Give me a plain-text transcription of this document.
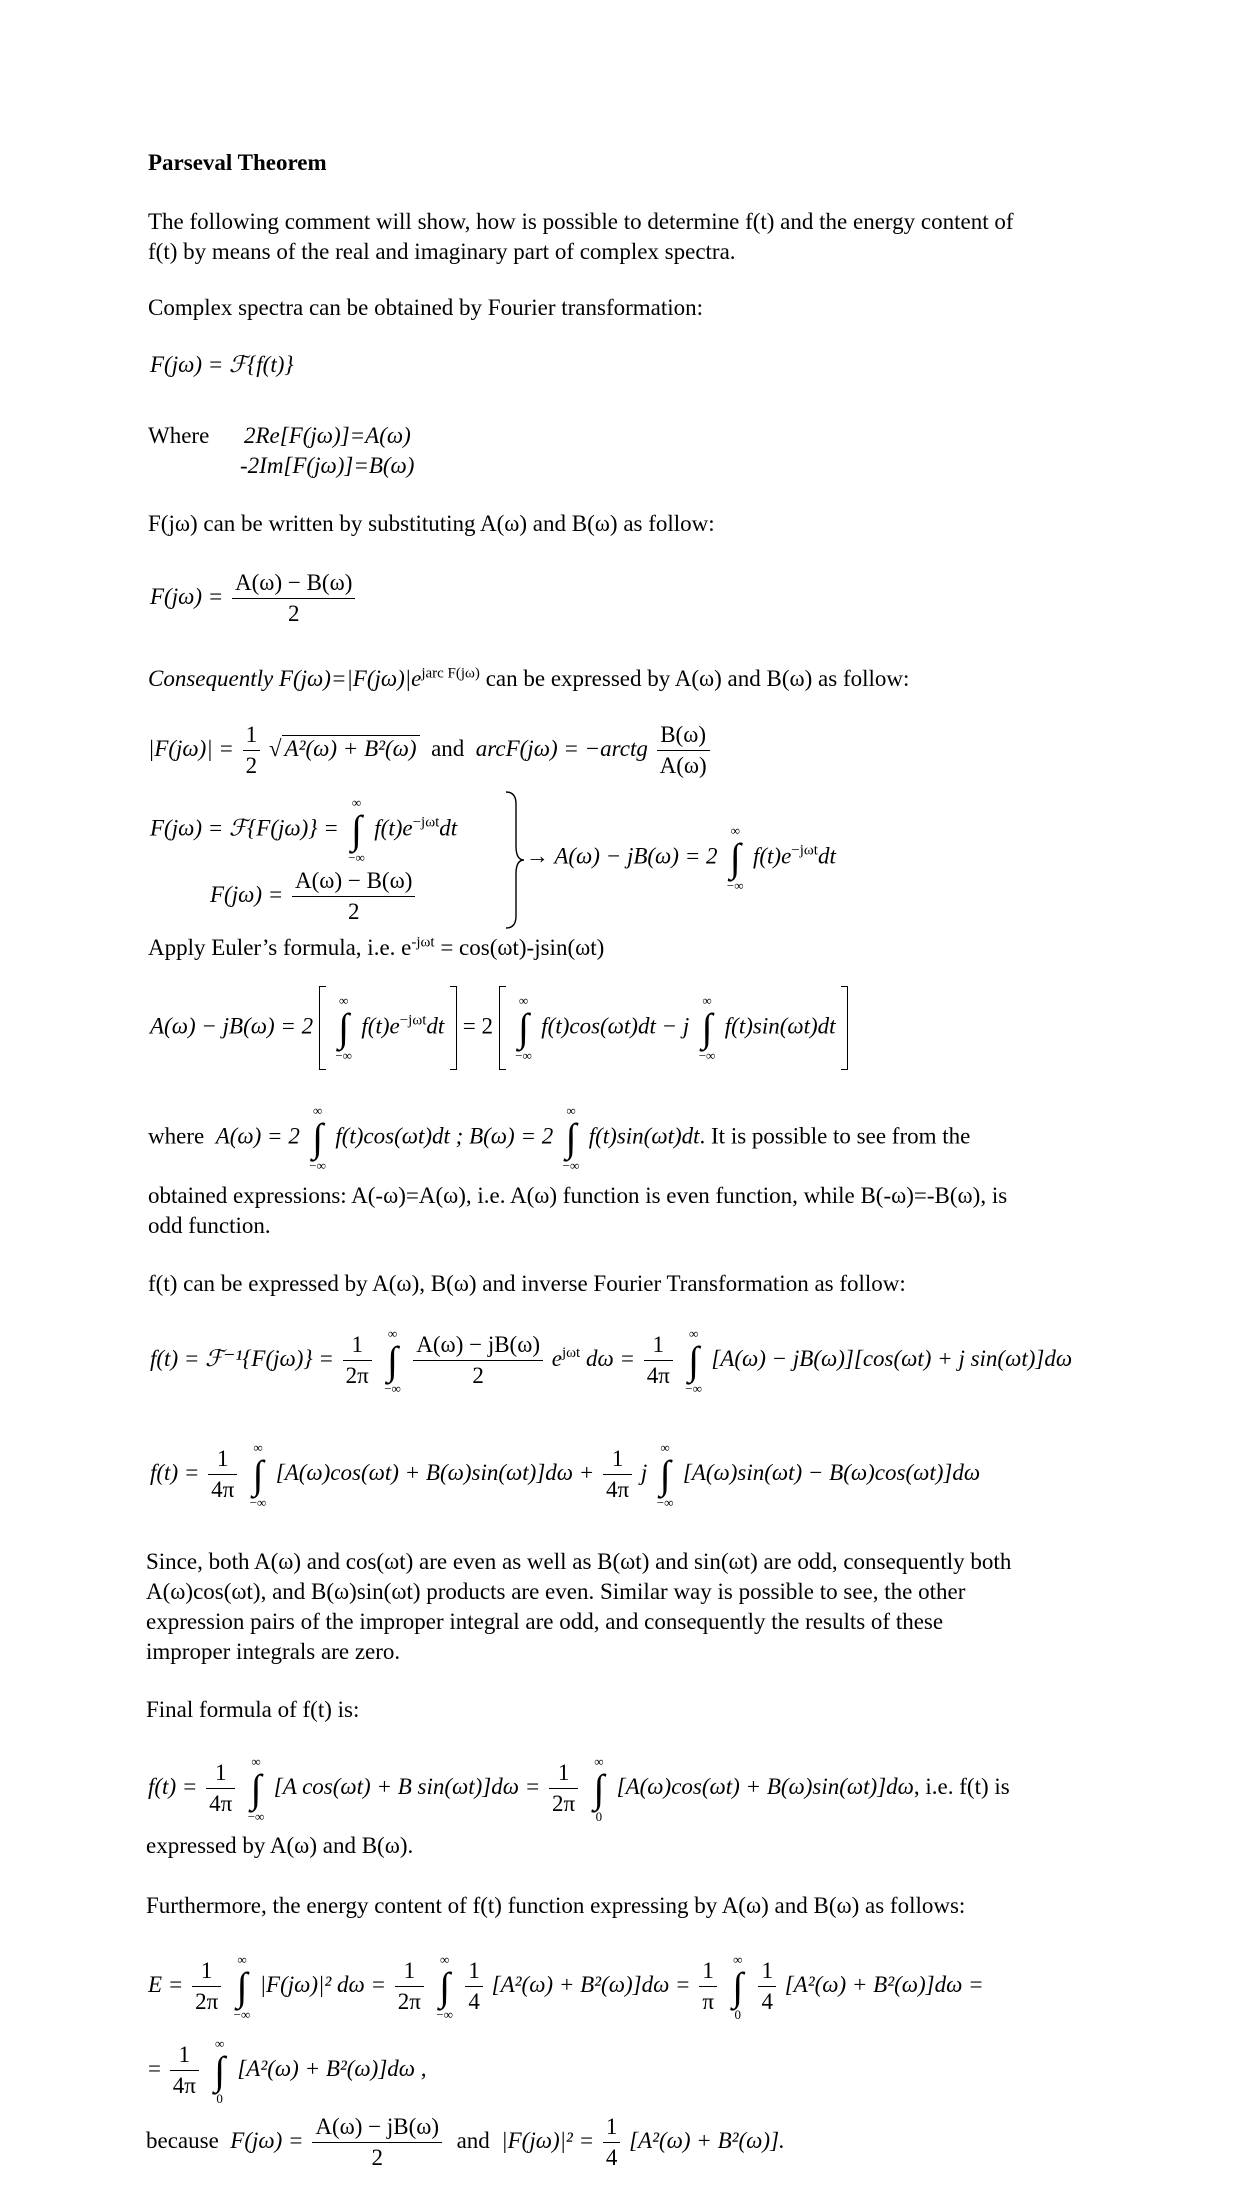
Parseval Theorem
The following comment will show, how is possible to determine f(t) and the energy content of
f(t) by means of the real and imaginary part of complex spectra.
Complex spectra can be obtained by Fourier transformation:
F(jω) = ℱ{f(t)}
Where 2Re[F(jω)]=A(ω)
-2Im[F(jω)]=B(ω)
F(jω) can be written by substituting A(ω) and B(ω) as follow:
$F(j\omega) = \frac{A(\omega) - B(\omega)}{2}$
Consequently $F(j\omega)=|F(j\omega)|e^{jarc F(j\omega)}$ can be expressed by A(ω) and B(ω) as follow:
$|F(j\omega)| = \frac{1}{2}$ √ A²(ω) + B²(ω) and arcF(jω) = −arctg $\frac{B(\omega)}{A(\omega)}$
F(jω) = ℱ{F(jω)} =
∞
∫
−∞
$f(t)e^{-j\omega t}dt$
$F(j\omega) = \frac{A(\omega) - B(\omega)}{2}$
→ A(ω) − jB(ω) = 2
∞
∫
−∞
$f(t)e^{-j\omega t}dt$
Apply Euler’s formula, i.e. $e^{-j\omega t} = \cos(\omega t)-jsin(\omega t)$
A(ω) − jB(ω) = 2
∞
∫
−∞
$f(t)e^{-j\omega t}dt = 2$
∞
∫
−∞
f(t)cos(ωt)dt − j
∞
∫
−∞
f(t)sin(ωt)dt
where A(ω) = 2
∞
∫
−∞
f(t)cos(ωt)dt ; B(ω) = 2
∞
∫
−∞
f(t)sin(ωt)dt. It is possible to see from the
obtained expressions: A(-ω)=A(ω), i.e. A(ω) function is even function, while B(-ω)=-B(ω), is
odd function.
f(t) can be expressed by A(ω), B(ω) and inverse Fourier Transformation as follow:
f(t) = ℱ⁻¹{F(jω)} = $\frac{1}{2\pi}$
	∞
∫
−∞
$\frac{A(\omega) - jB(\omega)}{2} e^{j\omega t}$ $d\omega = \frac{1}{4\pi}$
	∞
∫
−∞
[A(ω) − jB(ω)][cos(ωt) + j sin(ωt)]dω
$f(t) = \frac{1}{4\pi}$
	∞
∫
−∞
$[A(\omega)\cos(\omega t) + B(\omega)\sin(\omega t)]d\omega + \frac{1}{4\pi}$ j
∞
∫
−∞
[A(ω)sin(ωt) − B(ω)cos(ωt)]dω
Since, both A(ω) and cos(ωt) are even as well as B(ωt) and sin(ωt) are odd, consequently both
A(ω)cos(ωt), and B(ω)sin(ωt) products are even. Similar way is possible to see, the other
expression pairs of the improper integral are odd, and consequently the results of these
improper integrals are zero.
Final formula of f(t) is:
$f(t) = \frac{1}{4\pi}$
	∞
∫
−∞
[A cos(ωt) + B $\sin(\omega t)]d\omega = \frac{1}{2\pi}$
	∞
∫
0
[A(ω)cos(ωt) + B(ω)sin(ωt)]dω, i.e. f(t) is
expressed by A(ω) and B(ω).
Furthermore, the energy content of f(t) function expressing by A(ω) and B(ω) as follows:
$E = \frac{1}{2\pi}$
	∞
∫
−∞
|F(jω)|² $d\omega = \frac{1}{2\pi}$
	∞
∫
−∞
$\frac{1}{4} [A^2(\omega) + B^2(\omega)]d\omega = \frac{1}{\pi}$
	∞
∫
0
$\frac{1}{4} [A^2(\omega) + B^2(\omega)]d\omega$ =
= $\frac{1}{4\pi}$
	∞
∫
0
[A²(ω) + B²(ω)]dω ,
because $F(j\omega) = \frac{A(\omega) - jB(\omega)}{2}$ and $|F(j\omega)|^2 = \frac{1}{4} [A^2(\omega) + B^2(\omega)]$.
